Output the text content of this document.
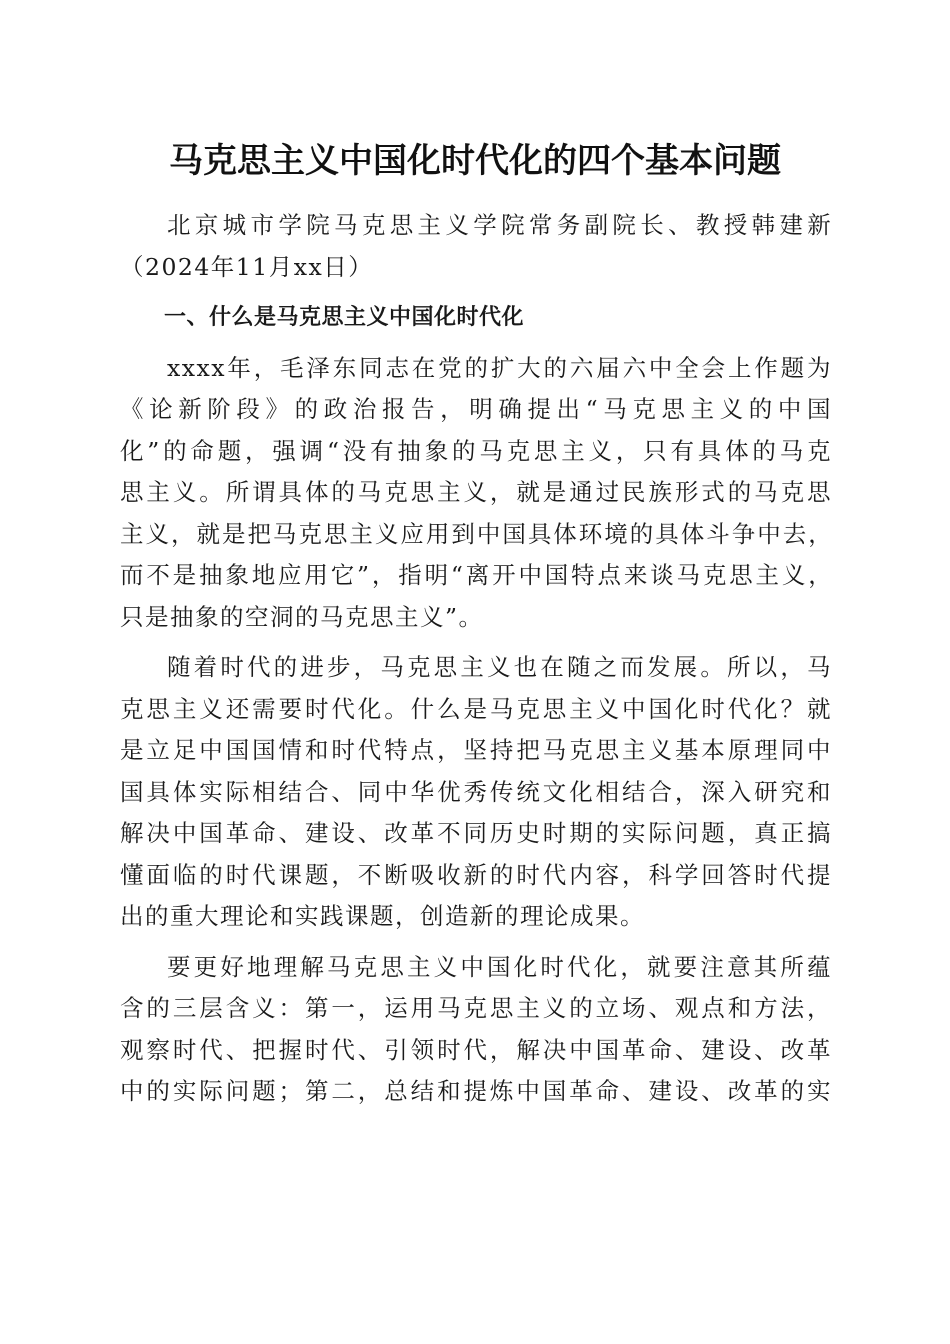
马克思主义中国化时代化的四个基本问题
北京城市学院马克思主义学院常务副院长、教授韩建新
（2024年11月xx日）
一、什么是马克思主义中国化时代化
xxxx年，毛泽东同志在党的扩大的六届六中全会上作题为
《论新阶段》的政治报告，明确提出“马克思主义的中国
化”的命题，强调“没有抽象的马克思主义，只有具体的马克
思主义。所谓具体的马克思主义，就是通过民族形式的马克思
主义，就是把马克思主义应用到中国具体环境的具体斗争中去，
而不是抽象地应用它”，指明“离开中国特点来谈马克思主义，
只是抽象的空洞的马克思主义”。
随着时代的进步，马克思主义也在随之而发展。所以，马
克思主义还需要时代化。什么是马克思主义中国化时代化？就
是立足中国国情和时代特点，坚持把马克思主义基本原理同中
国具体实际相结合、同中华优秀传统文化相结合，深入研究和
解决中国革命、建设、改革不同历史时期的实际问题，真正搞
懂面临的时代课题，不断吸收新的时代内容，科学回答时代提
出的重大理论和实践课题，创造新的理论成果。
要更好地理解马克思主义中国化时代化，就要注意其所蕴
含的三层含义：第一，运用马克思主义的立场、观点和方法，
观察时代、把握时代、引领时代，解决中国革命、建设、改革
中的实际问题；第二，总结和提炼中国革命、建设、改革的实
